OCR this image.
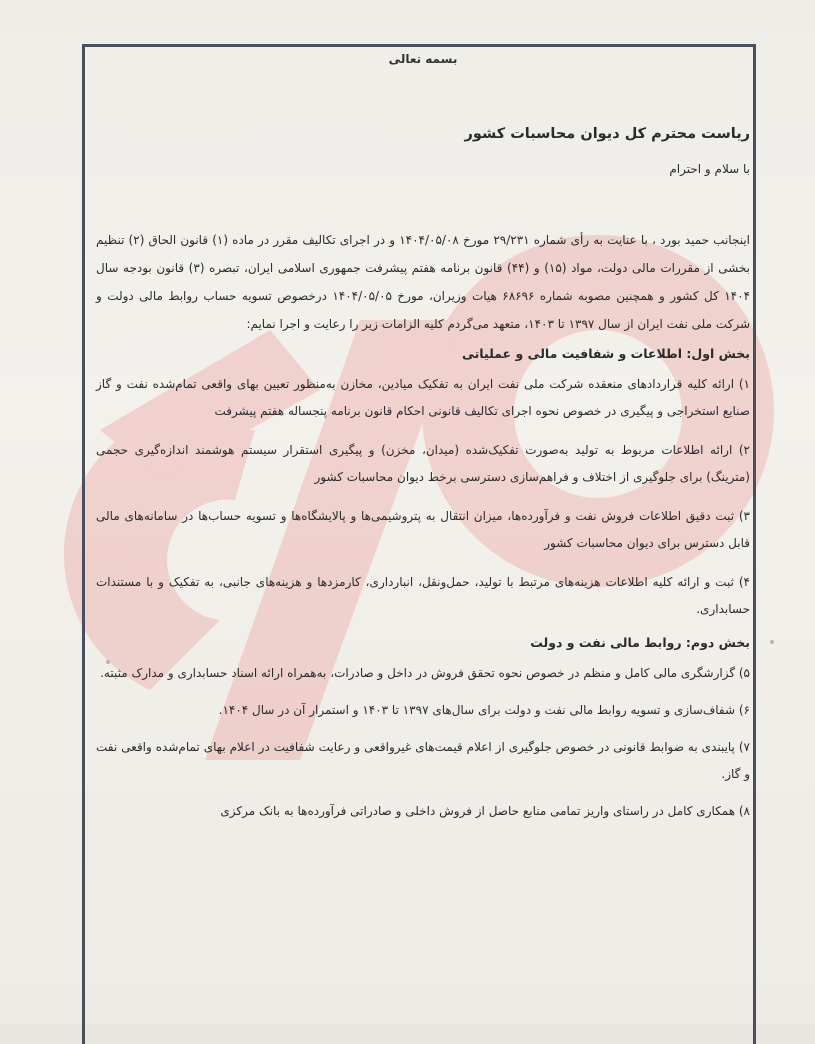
بسمه تعالی
ریاست محترم کل دیوان محاسبات کشور
با سلام و احترام
اینجانب حمید بورد ، با عنایت به رأی شماره ۲۹/۲۳۱ مورخ ۱۴۰۴/۰۵/۰۸ و در اجرای تکالیف مقرر در ماده (۱) قانون الحاق (۲) تنظیم بخشی از مقررات مالی دولت، مواد (۱۵) و (۴۴) قانون برنامه هفتم پیشرفت جمهوری اسلامی ایران، تبصره (۳) قانون بودجه سال ۱۴۰۴ کل کشور و همچنین مصوبه شماره ۶۸۶۹۶ هیات وزیران، مورخ ۱۴۰۴/۰۵/۰۵ درخصوص تسویه حساب روابط مالی دولت و شرکت ملی نفت ایران از سال ۱۳۹۷ تا ۱۴۰۳، متعهد می‌گردم کلیه الزامات زیر را رعایت و اجرا نمایم:
بخش اول: اطلاعات و شفافیت مالی و عملیاتی
۱) ارائه کلیه قراردادهای منعقده شرکت ملی نفت ایران به تفکیک میادین، مخازن به‌منظور تعیین بهای واقعی تمام‌شده نفت و گاز صنایع استخراجی و پیگیری در خصوص نحوه اجرای تکالیف قانونی احکام قانون برنامه پنجساله هفتم پیشرفت
۲) ارائه اطلاعات مربوط به تولید به‌صورت تفکیک‌شده (میدان، مخزن) و پیگیری استقرار سیستم هوشمند اندازه‌گیری حجمی (مترینگ) برای جلوگیری از اختلاف و فراهم‌سازی دسترسی برخط دیوان محاسبات کشور
۳) ثبت دقیق اطلاعات فروش نفت و فرآورده‌ها، میزان انتقال به پتروشیمی‌ها و پالایشگاه‌ها و تسویه حساب‌ها در سامانه‌های مالی قابل دسترس برای دیوان محاسبات کشور
۴) ثبت و ارائه کلیه اطلاعات هزینه‌های مرتبط با تولید، حمل‌ونقل، انبارداری، کارمزدها و هزینه‌های جانبی، به تفکیک و با مستندات حسابداری.
بخش دوم: روابط مالی نفت و دولت
۵) گزارشگری مالی کامل و منظم در خصوص نحوه تحقق فروش در داخل و صادرات، به‌همراه ارائه اسناد حسابداری و مدارک مثبته.
۶) شفاف‌سازی و تسویه روابط مالی نفت و دولت برای سال‌های ۱۳۹۷ تا ۱۴۰۳ و استمرار آن در سال ۱۴۰۴.
۷) پایبندی به ضوابط قانونی در خصوص جلوگیری از اعلام قیمت‌های غیرواقعی و رعایت شفافیت در اعلام بهای تمام‌شده واقعی نفت و گاز.
۸) همکاری کامل در راستای واریز تمامی منابع حاصل از فروش داخلی و صادراتی فرآورده‌ها به بانک مرکزی
